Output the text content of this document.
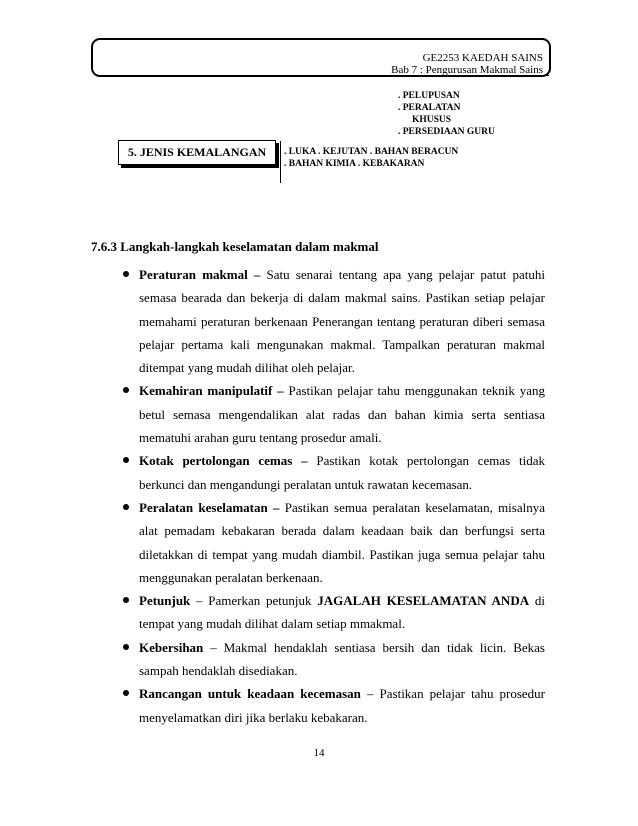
GE2253 KAEDAH SAINS
Bab 7 : Pengurusan Makmal Sains
. PELUPUSAN
. PERALATAN
KHUSUS
. PERSEDIAAN GURU
5. JENIS KEMALANGAN	. LUKA . KEJUTAN . BAHAN BERACUN
. BAHAN KIMIA . KEBAKARAN
7.6.3 Langkah-langkah keselamatan dalam makmal
Peraturan makmal – Satu senarai tentang apa yang pelajar patut patuhi semasa bearada dan bekerja di dalam makmal sains. Pastikan setiap pelajar memahami peraturan berkenaan Penerangan tentang peraturan diberi semasa pelajar pertama kali mengunakan makmal. Tampalkan peraturan makmal ditempat yang mudah dilihat oleh pelajar.
Kemahiran manipulatif – Pastikan pelajar tahu menggunakan teknik yang betul semasa mengendalikan alat radas dan bahan kimia serta sentiasa mematuhi arahan guru tentang prosedur amali.
Kotak pertolongan cemas – Pastikan kotak pertolongan cemas tidak berkunci dan mengandungi peralatan untuk rawatan kecemasan.
Peralatan keselamatan – Pastikan semua peralatan keselamatan, misalnya alat pemadam kebakaran berada dalam keadaan baik dan berfungsi serta diletakkan di tempat yang mudah diambil. Pastikan juga semua pelajar tahu menggunakan peralatan berkenaan.
Petunjuk – Pamerkan petunjuk JAGALAH KESELAMATAN ANDA di tempat yang mudah dilihat dalam setiap mmakmal.
Kebersihan – Makmal hendaklah sentiasa bersih dan tidak licin. Bekas sampah hendaklah disediakan.
Rancangan untuk keadaan kecemasan – Pastikan pelajar tahu prosedur menyelamatkan diri jika berlaku kebakaran.
14
